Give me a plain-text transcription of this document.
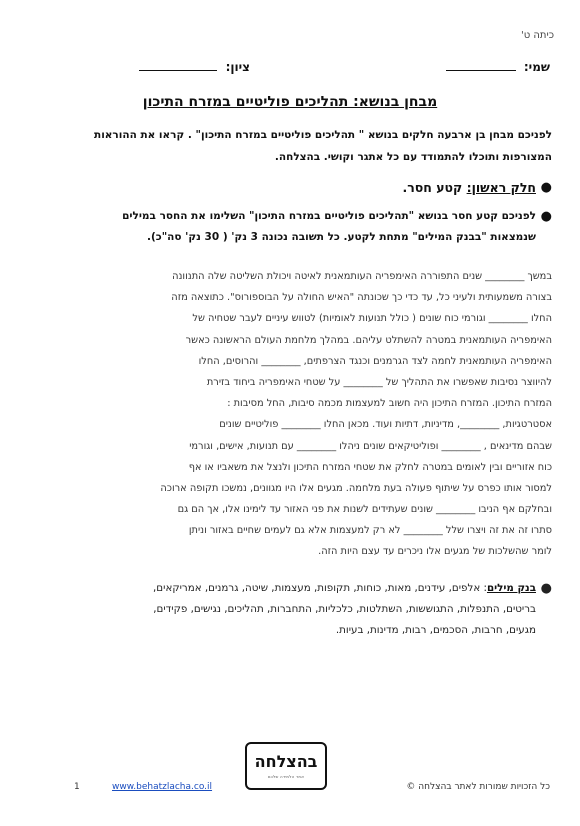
כיתה ט'
שמי:
ציון:
מבחן בנושא: תהליכים פוליטיים במזרח התיכון
לפניכם מבחן בן ארבעה חלקים בנושא " תהליכים פוליטיים במזרח התיכון" . קראו את ההוראות
המצורפות ותוכלו להתמודד עם כל אתגר וקושי. בהצלחה.
●
חלק ראשון: קטע חסר.
●
לפניכם קטע חסר בנושא "תהליכים פוליטיים במזרח התיכון" השלימו את החסר במילים
שנמצאות "בבנק המילים" מתחת לקטע. כל תשובה נכונה 3 נק' ( 30 נק' סה"כ).
במשך ________ שנים התפוררה האימפריה העותמאנית לאיטה ויכולת השליטה שלה התנוונה
בצורה משמעותית ולעיני כל, עד כדי כך שכונתה "האיש החולה על הבוספורוס". כתוצאה מזה
החלו ________ וגורמי כוח שונים ( כולל תנועות לאומיות) לטווש עיניים לעבר שטחיה של
האימפריה העותמאנית במטרה להשתלט עליהם. במהלך מלחמת העולם הראשונה כאשר
האימפריה העותמאנית לחמה לצד הגרמנים וכנגד הצרפתים, ________ והרוסים, החלו
להיווצר נסיבות שאפשרו את התהליך של ________ על שטחי האימפריה ביחוד בזירת
המזרח התיכון. המזרח התיכון היה חשוב למעצמות מכמה סיבות, החל מסיבות :
אסטרטגיות, ________, מדיניות, דתיות ועוד. מכאן החלו ________ פוליטיים שונים
שבהם מדינאים , ________ ופוליטיקאים שונים ניהלו ________ עם תנועות, אישים, וגורמי
כוח אזוריים ובין לאומים במטרה לחלק את שטחי המזרח התיכון ולנצל את משאביו או אף
למסור אותו כפרס על שיתוף פעולה בעת מלחמה. מגעים אלו היו מגוונים, נמשכו תקופה ארוכה
ובחלקם אף הניבו ________ שונים שעתידים לשנות את פני האזור עד לימינו אלו, אך הם גם
סתרו זה את זה ויצרו שלל ________ לא רק למעצמות אלא גם לעמים שחיים באזור וניתן
לומר שהשלכות של מגעים אלו ניכרים עד עצם היות הזה.
●
בנק מילים: אלפים, עידנים, מאות, כוחות, תקופות, מעצמות, שיטה, גרמנים, אמריקאים,
בריטים, התנפלות, התגוששות, השתלטות, כלכליות, התחברות, תהליכים, נגישים, פקידים,
מגעים, חרבות, הסכמים, רבות, מדינות, בעיות.
בהצלחה
אתר הלמידה שלכם
כל הזכויות שמורות לאתר בהצלחה ©
www.behatzlacha.co.il
1
